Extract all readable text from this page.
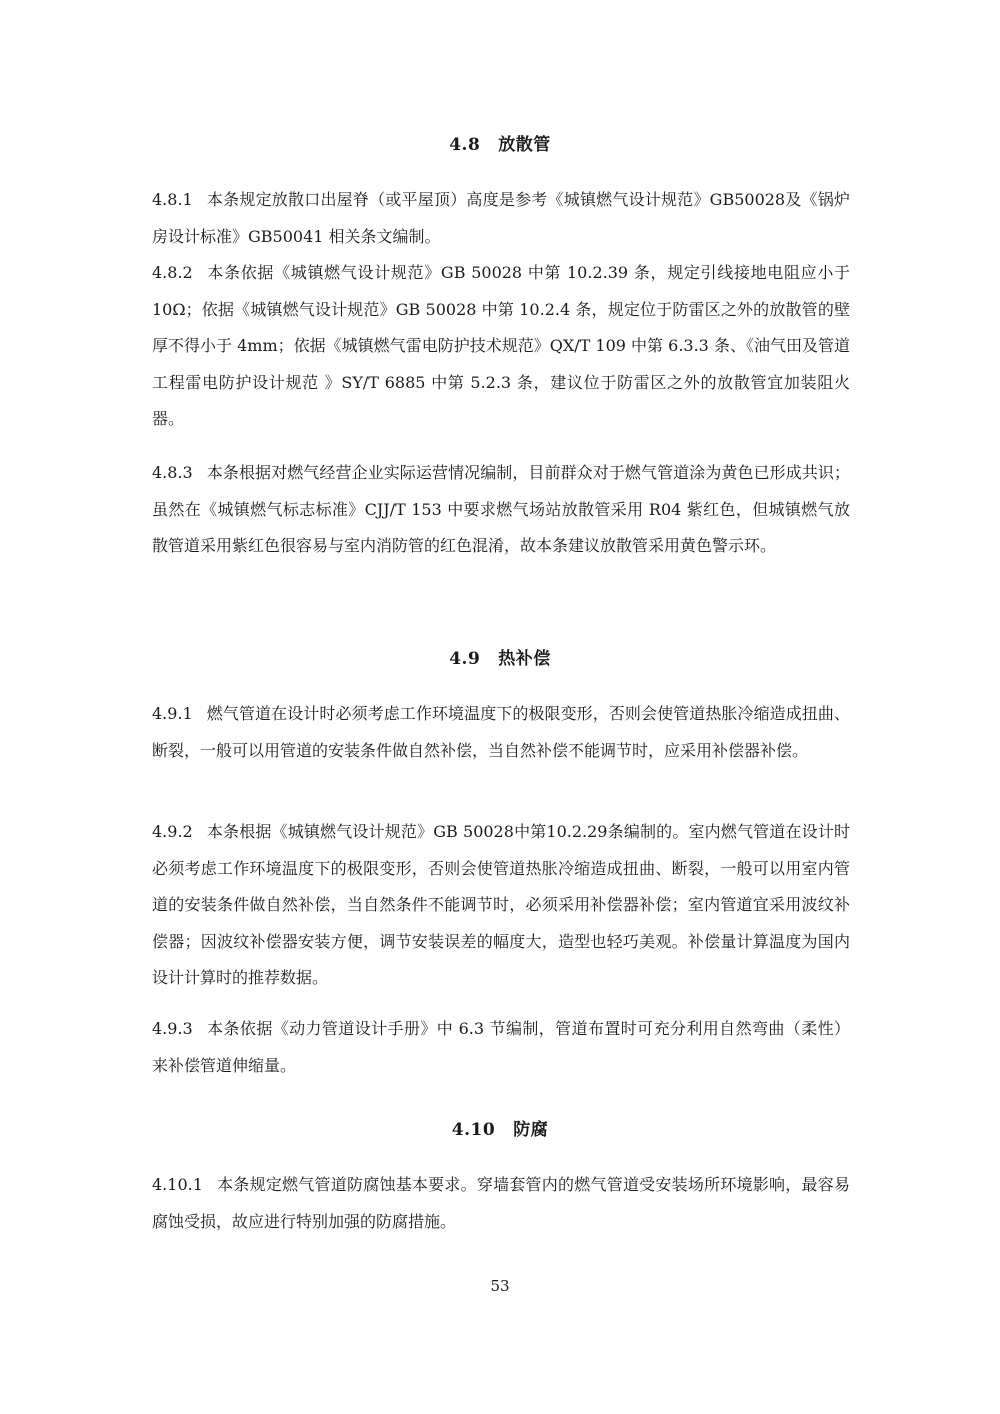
4.8 放散管
4.8.1 本条规定放散口出屋脊（或平屋顶）高度是参考《城镇燃气设计规范》GB50028及《锅炉房设计标准》GB50041 相关条文编制。
4.8.2 本条依据《城镇燃气设计规范》GB 50028 中第 10.2.39 条，规定引线接地电阻应小于10Ω；依据《城镇燃气设计规范》GB 50028 中第 10.2.4 条，规定位于防雷区之外的放散管的壁厚不得小于 4mm；依据《城镇燃气雷电防护技术规范》QX/T 109 中第 6.3.3 条、《油气田及管道工程雷电防护设计规范 》SY/T 6885 中第 5.2.3 条，建议位于防雷区之外的放散管宜加装阻火器。
4.8.3 本条根据对燃气经营企业实际运营情况编制，目前群众对于燃气管道涂为黄色已形成共识；虽然在《城镇燃气标志标准》CJJ/T 153 中要求燃气场站放散管采用 R04 紫红色，但城镇燃气放散管道采用紫红色很容易与室内消防管的红色混淆，故本条建议放散管采用黄色警示环。
4.9 热补偿
4.9.1 燃气管道在设计时必须考虑工作环境温度下的极限变形，否则会使管道热胀冷缩造成扭曲、断裂，一般可以用管道的安装条件做自然补偿，当自然补偿不能调节时，应采用补偿器补偿。
4.9.2 本条根据《城镇燃气设计规范》GB 50028中第10.2.29条编制的。室内燃气管道在设计时必须考虑工作环境温度下的极限变形，否则会使管道热胀冷缩造成扭曲、断裂，一般可以用室内管道的安装条件做自然补偿，当自然条件不能调节时，必须采用补偿器补偿；室内管道宜采用波纹补偿器；因波纹补偿器安装方便，调节安装误差的幅度大，造型也轻巧美观。补偿量计算温度为国内设计计算时的推荐数据。
4.9.3 本条依据《动力管道设计手册》中 6.3 节编制，管道布置时可充分利用自然弯曲（柔性）来补偿管道伸缩量。
4.10 防腐
4.10.1 本条规定燃气管道防腐蚀基本要求。穿墙套管内的燃气管道受安装场所环境影响，最容易腐蚀受损，故应进行特别加强的防腐措施。
53
